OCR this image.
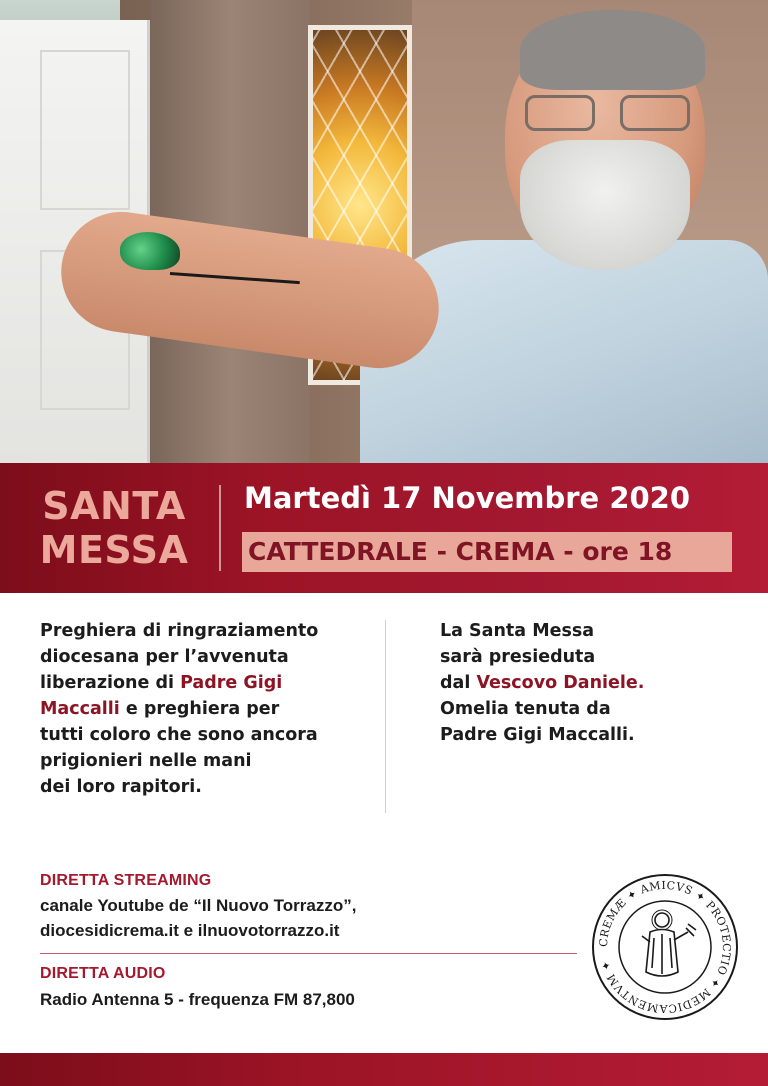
SANTA
MESSA
Martedì 17 Novembre 2020
CATTEDRALE - CREMA - ore 18
Preghiera di ringraziamento
diocesana per l’avvenuta
liberazione di Padre Gigi
Maccalli e preghiera per
tutti coloro che sono ancora
prigionieri nelle mani
dei loro rapitori.
La Santa Messa
sarà presieduta
dal Vescovo Daniele.
Omelia tenuta da
Padre Gigi Maccalli.
DIRETTA STREAMING
canale Youtube de “Il Nuovo Torrazzo”,
diocesidicrema.it e ilnuovotorrazzo.it
DIRETTA AUDIO
Radio Antenna 5 - frequenza FM 87,800
CREMÆ ✦ AMICVS ✦ PROTECTIO ✦ MEDICAMENTVM ✦
